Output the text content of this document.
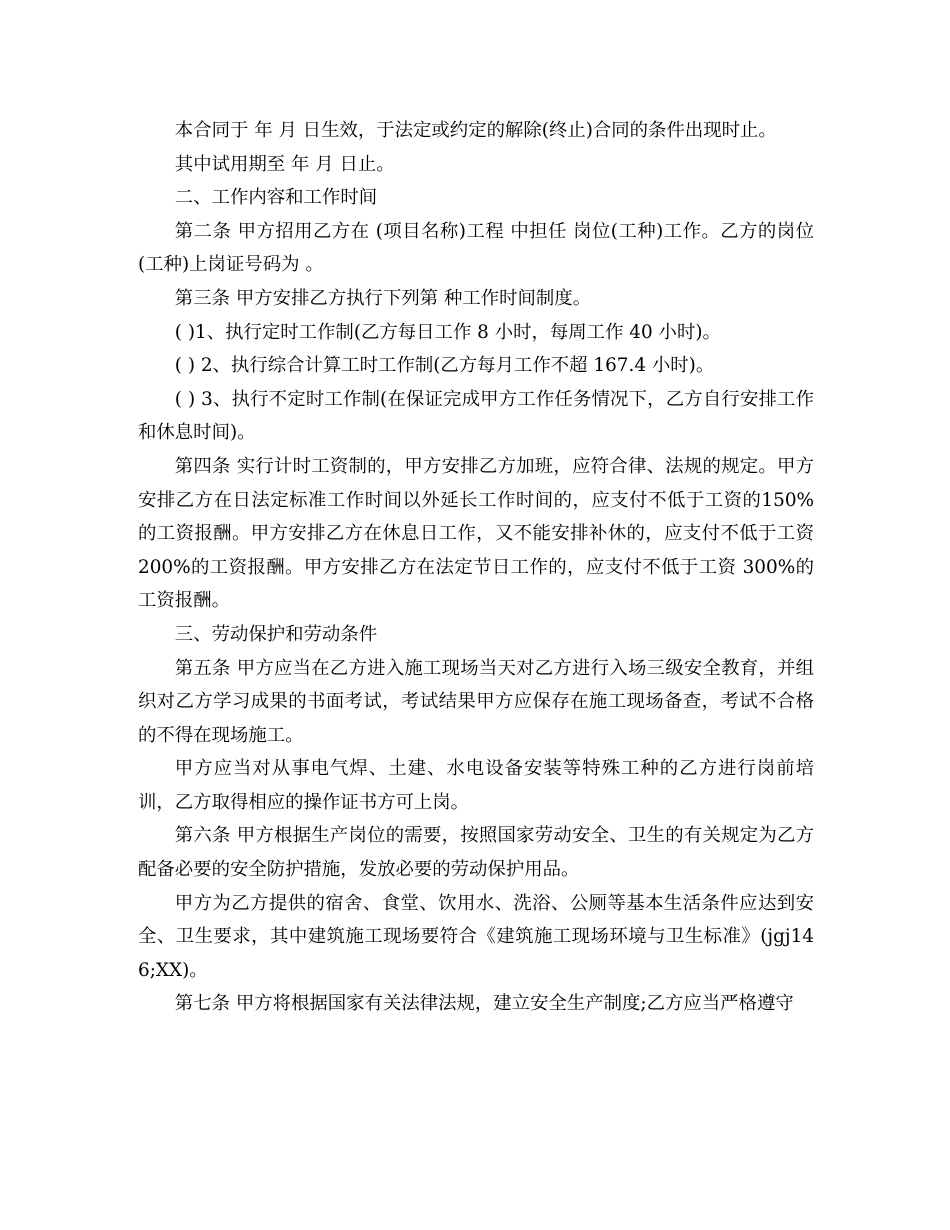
本合同于 年 月 日生效，于法定或约定的解除(终止)合同的条件出现时止。

其中试用期至 年 月 日止。

二、工作内容和工作时间

第二条 甲方招用乙方在 (项目名称)工程 中担任 岗位(工种)工作。乙方的岗位(工种)上岗证号码为 。

第三条 甲方安排乙方执行下列第 种工作时间制度。

( )1、执行定时工作制(乙方每日工作 8 小时，每周工作 40 小时)。

( ) 2、执行综合计算工时工作制(乙方每月工作不超 167.4 小时)。

( ) 3、执行不定时工作制(在保证完成甲方工作任务情况下，乙方自行安排工作和休息时间)。

第四条 实行计时工资制的，甲方安排乙方加班，应符合律、法规的规定。甲方安排乙方在日法定标准工作时间以外延长工作时间的，应支付不低于工资的150%的工资报酬。甲方安排乙方在休息日工作，又不能安排补休的，应支付不低于工资 200%的工资报酬。甲方安排乙方在法定节日工作的，应支付不低于工资 300%的工资报酬。

三、劳动保护和劳动条件

第五条 甲方应当在乙方进入施工现场当天对乙方进行入场三级安全教育，并组织对乙方学习成果的书面考试，考试结果甲方应保存在施工现场备查，考试不合格的不得在现场施工。

甲方应当对从事电气焊、土建、水电设备安装等特殊工种的乙方进行岗前培训，乙方取得相应的操作证书方可上岗。

第六条 甲方根据生产岗位的需要，按照国家劳动安全、卫生的有关规定为乙方配备必要的安全防护措施，发放必要的劳动保护用品。

甲方为乙方提供的宿舍、食堂、饮用水、洗浴、公厕等基本生活条件应达到安全、卫生要求，其中建筑施工现场要符合《建筑施工现场环境与卫生标准》(jgj146;XX)。

第七条 甲方将根据国家有关法律法规，建立安全生产制度;乙方应当严格遵守
